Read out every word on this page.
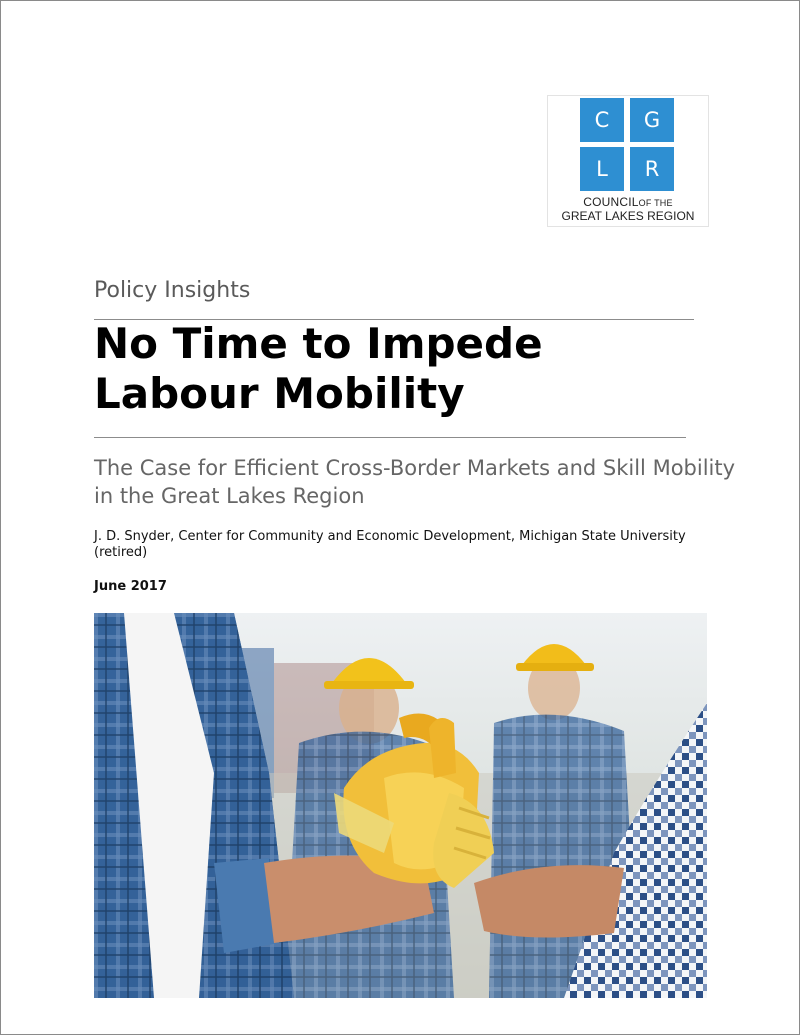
C	G
L	R
COUNCILOF THE
GREAT LAKES REGION
Policy Insights
No Time to Impede Labour Mobility
The Case for Efficient Cross-Border Markets and Skill Mobility in the Great Lakes Region
J. D. Snyder, Center for Community and Economic Development, Michigan State University (retired)
June 2017
